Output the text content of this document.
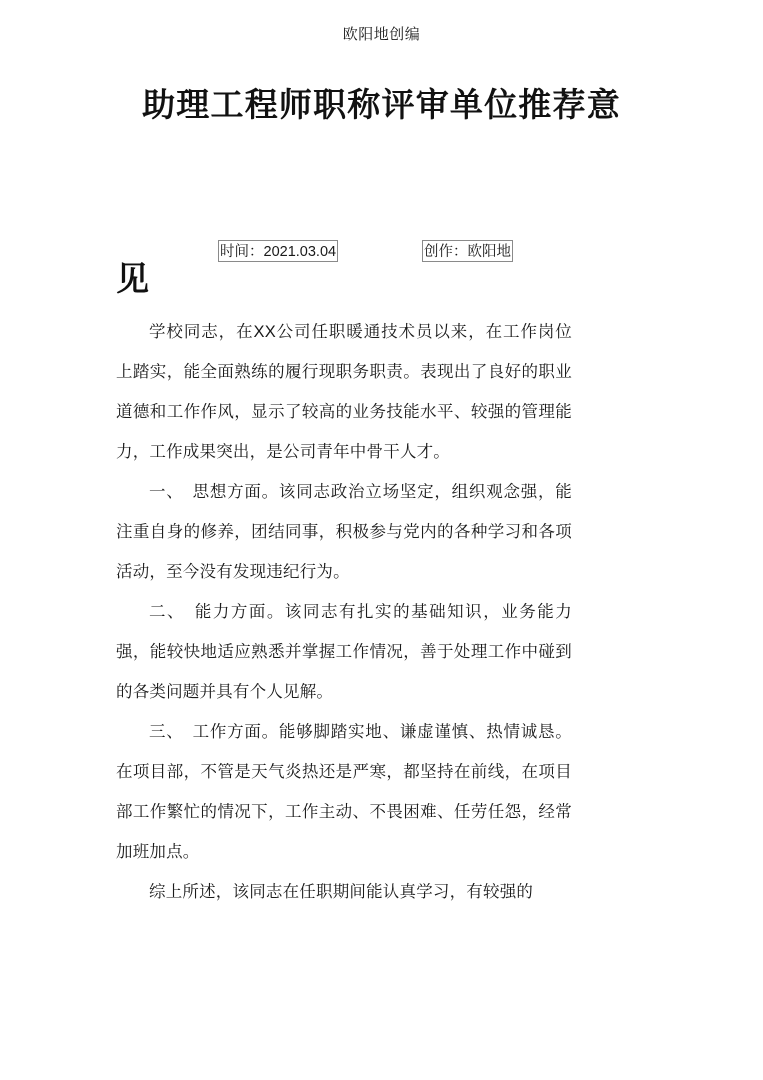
欧阳地创编
助理工程师职称评审单位推荐意
见
时间：2021.03.04	创作：欧阳地

学校同志，在XX公司任职暖通技术员以来，在工作岗位上踏实，能全面熟练的履行现职务职责。表现出了良好的职业道德和工作作风，显示了较高的业务技能水平、较强的管理能力，工作成果突出，是公司青年中骨干人才。

一、　思想方面。该同志政治立场坚定，组织观念强，能注重自身的修养，团结同事，积极参与党内的各种学习和各项活动，至今没有发现违纪行为。

二、　能力方面。该同志有扎实的基础知识，业务能力强，能较快地适应熟悉并掌握工作情况，善于处理工作中碰到的各类问题并具有个人见解。

三、　工作方面。能够脚踏实地、谦虚谨慎、热情诚恳。在项目部，不管是天气炎热还是严寒，都坚持在前线，在项目部工作繁忙的情况下，工作主动、不畏困难、任劳任怨，经常加班加点。

综上所述，该同志在任职期间能认真学习，有较强的
